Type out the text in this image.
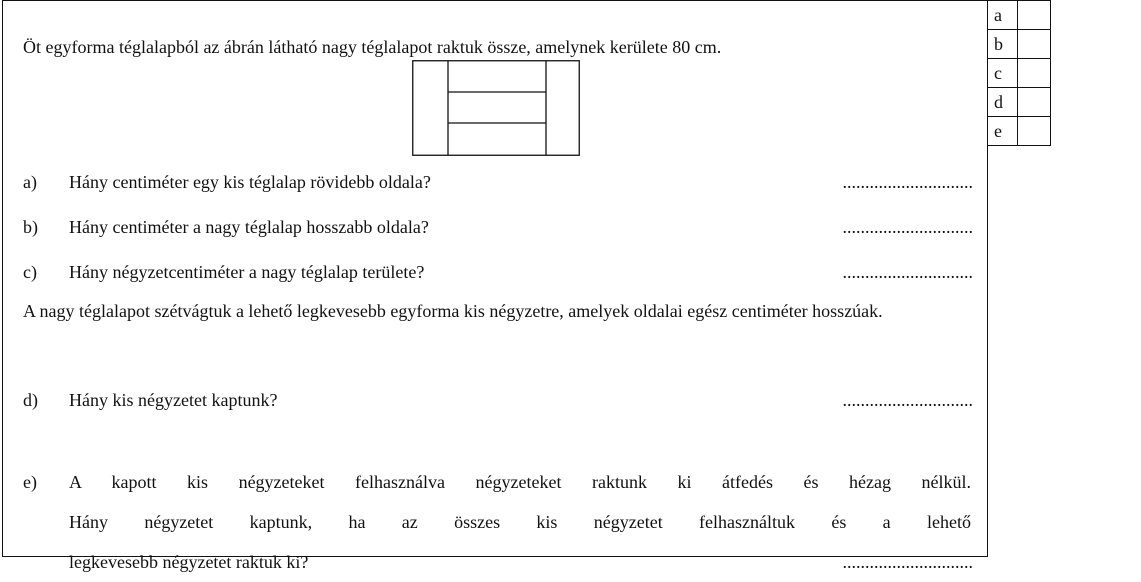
Öt egyforma téglalapból az ábrán látható nagy téglalapot raktuk össze, amelynek kerülete 80 cm.
a) Hány centiméter egy kis téglalap rövidebb oldala?	.............................
b) Hány centiméter a nagy téglalap hosszabb oldala?	.............................
c) Hány négyzetcentiméter a nagy téglalap területe?	.............................
A nagy téglalapot szétvágtuk a lehető legkevesebb egyforma kis négyzetre, amelyek oldalai egész centiméter hosszúak.
d) Hány kis négyzetet kaptunk?	.............................
e) A kapott kis négyzeteket felhasználva négyzeteket raktunk ki átfedés és hézag nélkül.
Hány négyzetet kaptunk, ha az összes kis négyzetet felhasználtuk és a lehető
legkevesebb négyzetet raktuk ki?	.............................
a	
b	
c	
d	
e	
